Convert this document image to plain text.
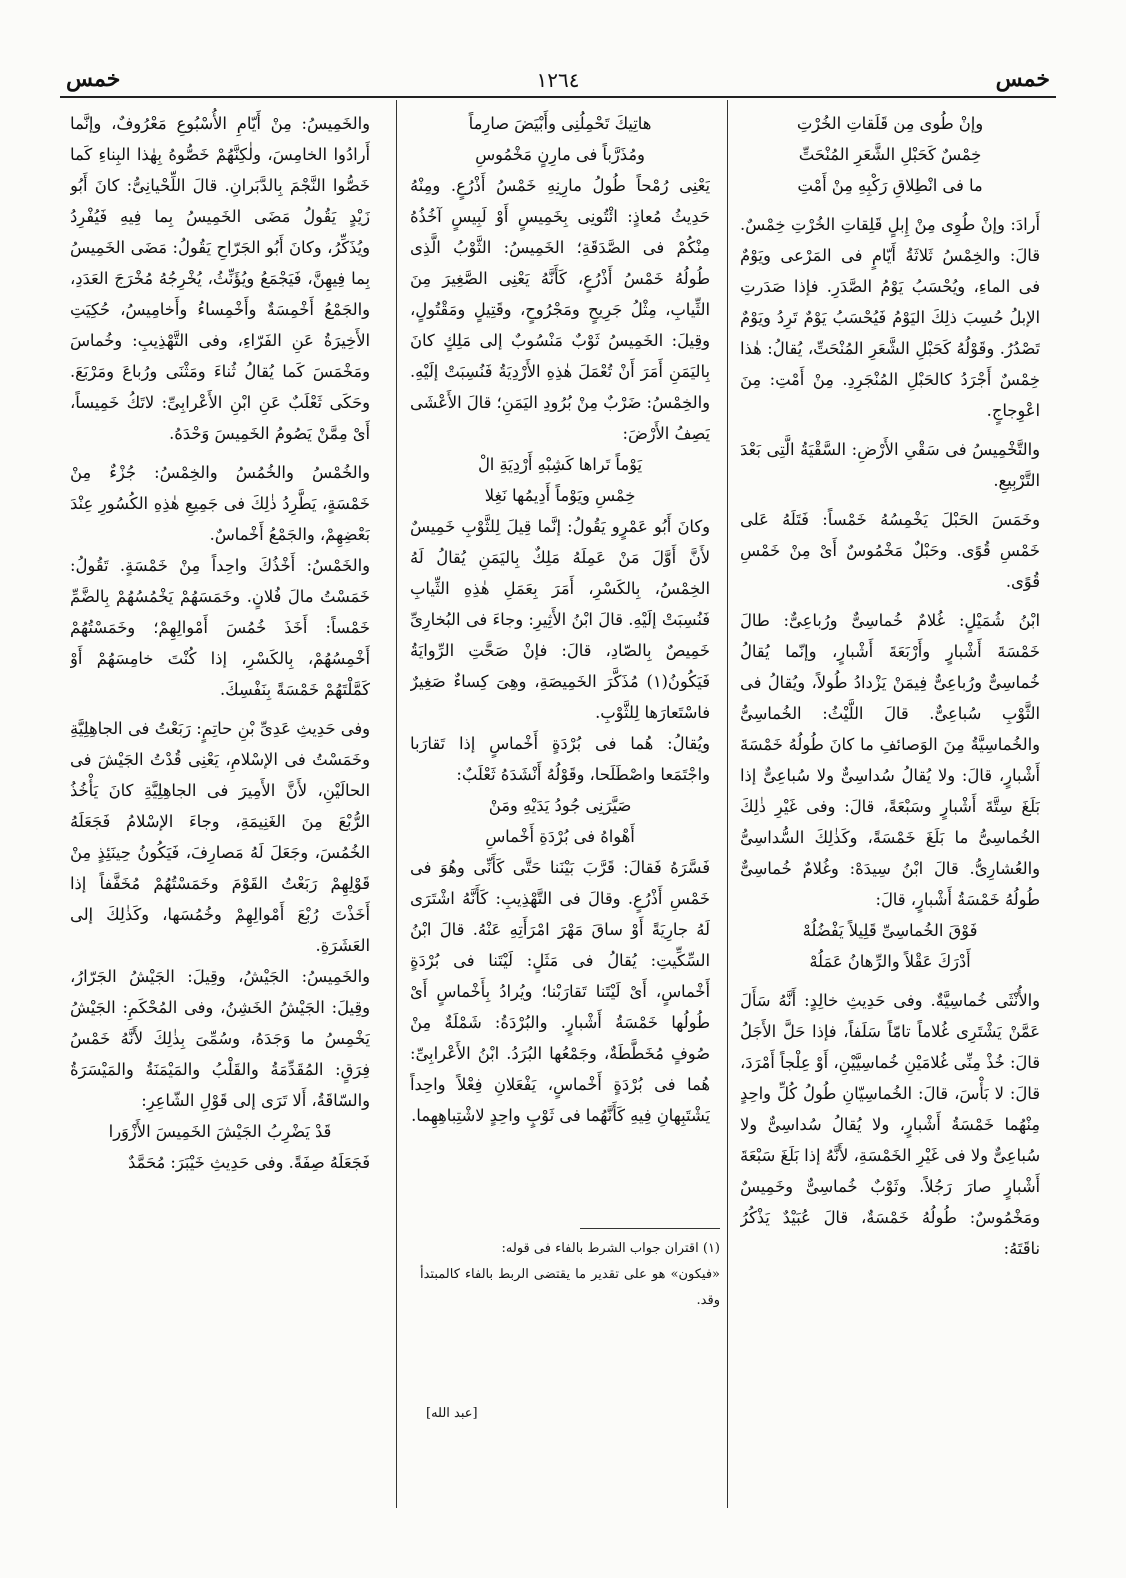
خمس	١٢٦٤	خمس

وإنْ طُوى مِن قَلَقاتِ الخُرْتِ

خِمْسٌ كَحَبْلِ الشَّعَرِ المُنْحَتِّ

ما فى انْطِلاقِ رَكْبِهِ مِنْ أَمْتِ

أَرادَ: وإنْ طُوِى مِنْ إِبلٍ قَلِقاتِ الخُرْتِ خِمْسٌ. قالَ: والخِمْسُ ثَلاثَةُ أَيّامٍ فى المَرْعى ويَوْمٌ فى الماءِ، ويُحْسَبُ يَوْمُ الصَّدَرِ. فإذا صَدَرتِ الإبلُ حُسِبَ ذلِكَ اليَوْمُ فَيُحْسَبُ يَوْمٌ تَرِدُ ويَوْمٌ تَصْدُرُ. وقَوْلُهُ كَحَبْلِ الشَّعَرِ المُنْحَتِّ، يُقالُ: هٰذا خِمْسٌ أَجْرَدُ كالحَبْلِ المُنْجَرِدِ. مِنْ أَمْتِ: مِنَ اعْوِجاجٍ.

والتَّخْمِيسُ فى سَقْىِ الأَرْضِ: السَّقْيَةُ الَّتِى بَعْدَ التَّرْبِيعِ.

وخَمَسَ الحَبْلَ يَخْمِسُهُ خَمْساً: فَتَلَهُ عَلى خَمْسِ قُوًى. وحَبْلٌ مَخْمُوسٌ أَىْ مِنْ خَمْسِ قُوًى.

ابْنُ شُمَيْلٍ: غُلامٌ خُماسِىٌّ ورُباعِىٌّ: طالَ خَمْسَةَ أَشْبارٍ وأَرْبَعَةَ أَشْبارٍ، وإنّما يُقالُ خُماسِىٌّ ورُباعِىٌّ فِيمَنْ يَزْدادُ طُولاً، ويُقالُ فى الثَّوْبِ سُباعِىٌّ. قالَ اللَّيْثُ: الخُماسِىُّ والخُماسِيَّةُ مِنَ الوَصائفِ ما كانَ طُولُهُ خَمْسَةَ أَشْبارٍ، قالَ: ولا يُقالُ سُداسِىٌّ ولا سُباعِىٌّ إذا بَلَغَ سِتَّةَ أَشْبارٍ وسَبْعَةً، قالَ: وفى غَيْرِ ذٰلِكَ الخُماسِىُّ ما بَلَغَ خَمْسَةً، وكَذٰلِكَ السُّداسِىُّ والعُشارِىُّ. قالَ ابْنُ سِيدَهْ: وغُلامٌ خُماسِىٌّ طُولُهُ خَمْسَةُ أَشْبارٍ، قالَ:

فَوْقَ الخُماسِىِّ قَلِيلاً يَفْضُلُهْ

أَدْرَكَ عَقْلاً والرِّهانُ عَمَلُهْ

والأُنْثَى خُماسِيَّةٌ. وفى حَدِيثِ خالِدٍ: أَنَّهُ سَأَلَ عَمَّنْ يَشْتَرِى غُلاماً تامّاً سَلَفاً، فإذا حَلَّ الأَجَلُ قالَ: خُذْ مِنِّى غُلامَيْنِ خُماسِيَّيْنِ، أَوْ عِلْجاً أَمْرَدَ، قالَ: لا بَأْسَ، قالَ: الخُماسِيّانِ طُولُ كُلِّ واحِدٍ مِنْهُما خَمْسَةُ أَشْبارٍ، ولا يُقالُ سُداسِىٌّ ولا سُباعِىٌّ ولا فى غَيْرِ الخَمْسَةِ، لأَنَّهُ إذا بَلَغَ سَبْعَةَ أَشْبارٍ صارَ رَجُلاً. وثَوْبٌ خُماسِىٌّ وخَمِيسٌ ومَخْمُوسٌ: طُولُهُ خَمْسَةٌ، قالَ عُبَيْدٌ يَذْكُرُ ناقَتَهُ:

هاتِيكَ تَحْمِلُنِى وأَبْيَضَ صارِماً

ومُذَرَّباً فى مارِنٍ مَخْمُوسِ

يَعْنِى رُمْحاً طُولُ مارِنِهِ خَمْسُ أَذْرُعٍ. ومِنْهُ حَدِيثُ مُعاذٍ: ائْتُونِى بِخَمِيسٍ أَوْ لَبِيسٍ آخُذُهُ مِنْكُمْ فى الصَّدَقَةِ؛ الخَمِيسُ: الثَّوْبُ الَّذِى طُولُهُ خَمْسُ أَذْرُعٍ، كَأَنَّهُ يَعْنِى الصَّغِيرَ مِنَ الثِّيابِ، مِثْلُ جَرِيحٍ ومَجْرُوحٍ، وقَتِيلٍ ومَقْتُولٍ، وقِيلَ: الخَمِيسُ ثَوْبٌ مَنْسُوبٌ إلى مَلِكٍ كانَ بِاليَمَنِ أَمَرَ أَنْ تُعْمَلَ هٰذِهِ الأَرْدِيَةُ فَنُسِبَتْ إلَيْهِ. والخِمْسُ: ضَرْبٌ مِنْ بُرُودِ اليَمَنِ؛ قالَ الأَعْشَى يَصِفُ الأَرْضَ:

يَوْماً تَراها كَشِبْهِ أَرْدِيَةِ الْ

خِمْسِ ويَوْماً أَدِيمُها نَغِلا

وكانَ أَبُو عَمْرٍو يَقُولُ: إنَّما قِيلَ لِلثَّوْبِ خَمِيسٌ لأَنَّ أَوَّلَ مَنْ عَمِلَهُ مَلِكٌ بِاليَمَنِ يُقالُ لَهُ الخِمْسُ، بِالكَسْرِ، أَمَرَ بِعَمَلِ هٰذِهِ الثِّيابِ فَنُسِبَتْ إلَيْهِ. قالَ ابْنُ الأَثِيرِ: وجاءَ فى البُخارِىِّ خَمِيصٌ بِالصّادِ، قالَ: فإنْ صَحَّتِ الرِّوايَةُ فَيَكُونُ(١) مُذَكَّرَ الخَمِيصَةِ، وهِىَ كِساءٌ صَغِيرٌ فاسْتَعارَها لِلثَّوْبِ.

ويُقالُ: هُما فى بُرْدَةٍ أَخْماسٍ إذا تَقارَبا واجْتَمَعا واصْطَلَحا، وقَوْلُهُ أَنْشَدَهُ ثَعْلَبٌ:

صَيَّرَنِى جُودُ يَدَيْهِ ومَنْ

أَهْواهُ فى بُرْدَةِ أَخْماسِ

فَسَّرَهُ فَقالَ: قَرَّبَ بَيْنَنا حَتَّى كَأَنِّى وهُوَ فى خَمْسِ أَذْرُعٍ. وقالَ فى التَّهْذِيبِ: كَأَنَّهُ اشْتَرَى لَهُ جارِيَةً أَوْ ساقَ مَهْرَ امْرَأَتِهِ عَنْهُ. قالَ ابْنُ السِّكِّيتِ: يُقالُ فى مَثَلٍ: لَيْتَنا فى بُرْدَةٍ أَخْماسٍ، أَىْ لَيْتَنا تَقارَبْنا؛ ويُرادُ بِأَخْماسٍ أَىْ طُولُها خَمْسَةُ أَشْبارٍ. والبُرْدَةُ: شَمْلَةٌ مِنْ صُوفٍ مُخَطَّطَةٌ، وجَمْعُها البُرَدُ. ابْنُ الأَعْرابِىِّ: هُما فى بُرْدَةٍ أَخْماسٍ، يَفْعَلانِ فِعْلاً واحِداً يَشْتَبِهانِ فِيهِ كَأَنَّهُما فى ثَوْبٍ واحِدٍ لاشْتِباهِهِما.

(١) اقتران جواب الشرط بالفاء فى قوله:

«فيكون» هو على تقدير ما يقتضى الربط بالفاء كالمبتدأ وقد.

[عبد الله]

والخَمِيسُ: مِنْ أَيّامِ الأُسْبُوعِ مَعْرُوفٌ، وإنَّما أَرادُوا الخامِسَ، ولٰكِنَّهُمْ خَصُّوهُ بِهٰذا البِناءِ كَما خَصُّوا النَّجْمَ بِالدَّبَرانِ. قالَ اللِّحْيانِىُّ: كانَ أَبُو زَيْدٍ يَقُولُ مَضَى الخَمِيسُ بِما فِيهِ فَيُفْرِدُ ويُذَكِّرُ، وكانَ أَبُو الجَرّاحِ يَقُولُ: مَضَى الخَمِيسُ بِما فِيهِنَّ، فَيَجْمَعُ ويُؤَنِّثُ، يُخْرِجُهُ مُخْرَجَ العَدَدِ، والجَمْعُ أَخْمِسَةٌ وأَخْمِساءُ وأَخامِيسُ، حُكِيَتِ الأَخِيرَةُ عَنِ الفَرّاءِ، وفى التَّهْذِيبِ: وخُماسَ ومَخْمَسَ كَما يُقالُ ثُناءَ ومَثْنَى ورُباعَ ومَرْبَعَ. وحَكَى ثَعْلَبٌ عَنِ ابْنِ الأَعْرابِىِّ: لاتَكُ خَمِيساً، أَىْ مِمَّنْ يَصُومُ الخَمِيسَ وَحْدَهُ.

والخُمْسُ والخُمُسُ والخِمْسُ: جُزْءٌ مِنْ خَمْسَةٍ، يَطَّرِدُ ذٰلِكَ فى جَمِيعِ هٰذِهِ الكُسُورِ عِنْدَ بَعْضِهِمْ، والجَمْعُ أَخْماسٌ.

والخَمْسُ: أَخْذُكَ واحِداً مِنْ خَمْسَةٍ. تَقُولُ: خَمَسْتُ مالَ فُلانٍ. وخَمَسَهُمْ يَخْمُسُهُمْ بِالضَّمِّ خَمْساً: أَخَذَ خُمُسَ أَمْوالِهِمْ؛ وخَمَسْتُهُمْ أَخْمِسُهُمْ، بِالكَسْرِ، إذا كُنْتَ خامِسَهُمْ أَوْ كَمَّلْتَهُمْ خَمْسَةً بِنَفْسِكَ.

وفى حَدِيثِ عَدِىِّ بْنِ حاتِمٍ: رَبَعْتُ فى الجاهِلِيَّةِ وخَمَسْتُ فى الإسْلامِ، يَعْنِى قُدْتُ الجَيْشَ فى الحالَيْنِ، لأَنَّ الأَمِيرَ فى الجاهِلِيَّةِ كانَ يَأْخُذُ الرُّبْعَ مِنَ الغَنِيمَةِ، وجاءَ الإسْلامُ فَجَعَلَهُ الخُمُسَ، وجَعَلَ لَهُ مَصارِفَ، فَيَكُونُ حِينَئِذٍ مِنْ قَوْلِهِمْ رَبَعْتُ القَوْمَ وخَمَسْتُهُمْ مُخَفَّفاً إذا أَخَذْتَ رُبْعَ أَمْوالِهِمْ وخُمُسَها، وكَذٰلِكَ إلى العَشَرَةِ.

والخَمِيسُ: الجَيْشُ، وقِيلَ: الجَيْشُ الجَرّارُ، وقِيلَ: الجَيْشُ الخَشِنُ، وفى المُحْكَمِ: الجَيْشُ يَخْمِسُ ما وَجَدَهُ، وسُمِّىَ بِذٰلِكَ لأَنَّهُ خَمْسُ فِرَقٍ: المُقَدِّمَةُ والقَلْبُ والمَيْمَنَةُ والمَيْسَرَةُ والسّاقَةُ، أَلا تَرَى إلى قَوْلِ الشّاعِرِ:

قَدْ يَضْرِبُ الجَيْشَ الخَمِيسَ الأَزْوَرا

فَجَعَلَهُ صِفَةً. وفى حَدِيثِ خَيْبَرَ: مُحَمَّدٌ
